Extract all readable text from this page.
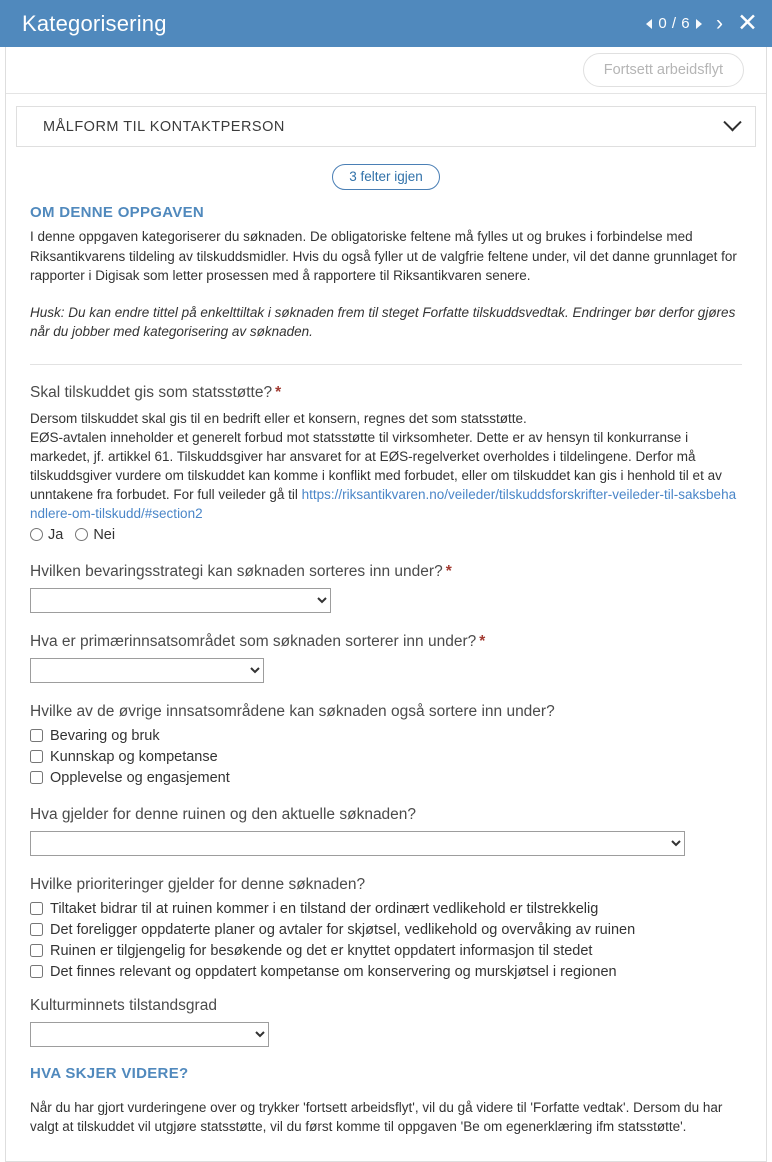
Kategorisering	0 / 6 › ✕
Fortsett arbeidsflyt
MÅLFORM TIL KONTAKTPERSON
3 felter igjen
OM DENNE OPPGAVEN

I denne oppgaven kategoriserer du søknaden. De obligatoriske feltene må fylles ut og brukes i forbindelse med Riksantikvarens tildeling av tilskuddsmidler. Hvis du også fyller ut de valgfrie feltene under, vil det danne grunnlaget for rapporter i Digisak som letter prosessen med å rapportere til Riksantikvaren senere.

Husk: Du kan endre tittel på enkelttiltak i søknaden frem til steget Forfatte tilskuddsvedtak. Endringer bør derfor gjøres når du jobber med kategorisering av søknaden.

Skal tilskuddet gis som statsstøtte? *

Dersom tilskuddet skal gis til en bedrift eller et konsern, regnes det som statsstøtte.

EØS-avtalen inneholder et generelt forbud mot statsstøtte til virksomheter. Dette er av hensyn til konkurranse i markedet, jf. artikkel 61. Tilskuddsgiver har ansvaret for at EØS-regelverket overholdes i tildelingene. Derfor må tilskuddsgiver vurdere om tilskuddet kan komme i konflikt med forbudet, eller om tilskuddet kan gis i henhold til et av unntakene fra forbudet. For full veileder gå til https://riksantikvaren.no/veileder/tilskuddsforskrifter-veileder-til-saksbehandlere-om-tilskudd/#section2

Ja Nei
Hvilken bevaringsstrategi kan søknaden sorteres inn under? *
Hva er primærinnsatsområdet som søknaden sorterer inn under? *
Hvilke av de øvrige innsatsområdene kan søknaden også sortere inn under?
Bevaring og bruk
Kunnskap og kompetanse
Opplevelse og engasjement
Hva gjelder for denne ruinen og den aktuelle søknaden?
Hvilke prioriteringer gjelder for denne søknaden?
Tiltaket bidrar til at ruinen kommer i en tilstand der ordinært vedlikehold er tilstrekkelig
Det foreligger oppdaterte planer og avtaler for skjøtsel, vedlikehold og overvåking av ruinen
Ruinen er tilgjengelig for besøkende og det er knyttet oppdatert informasjon til stedet
Det finnes relevant og oppdatert kompetanse om konservering og murskjøtsel i regionen
Kulturminnets tilstandsgrad
HVA SKJER VIDERE?

Når du har gjort vurderingene over og trykker 'fortsett arbeidsflyt', vil du gå videre til 'Forfatte vedtak'. Dersom du har valgt at tilskuddet vil utgjøre statsstøtte, vil du først komme til oppgaven 'Be om egenerklæring ifm statsstøtte'.
